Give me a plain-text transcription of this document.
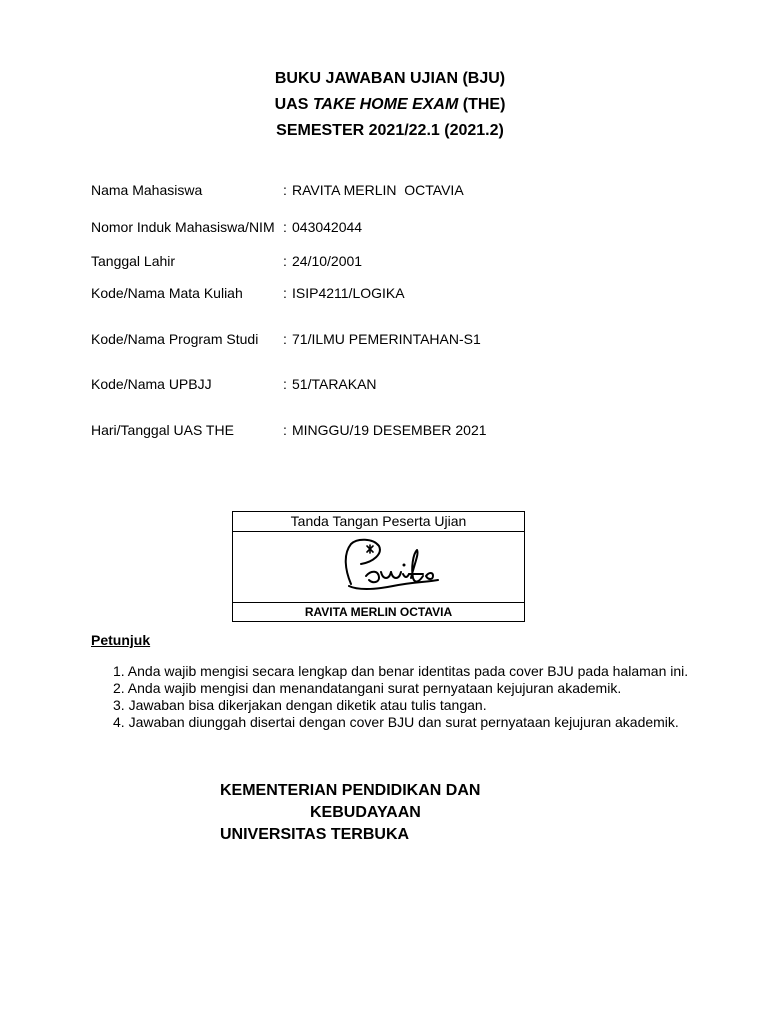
BUKU JAWABAN UJIAN (BJU)
UAS TAKE HOME EXAM (THE)
SEMESTER 2021/22.1 (2021.2)
Nama Mahasiswa	: RAVITA MERLIN  OCTAVIA
Nomor Induk Mahasiswa/NIM : 043042044
Tanggal Lahir	: 24/10/2001
Kode/Nama Mata Kuliah	: ISIP4211/LOGIKA
Kode/Nama Program Studi : 71/ILMU PEMERINTAHAN-S1
Kode/Nama UPBJJ	: 51/TARAKAN
Hari/Tanggal UAS THE	: MINGGU/19 DESEMBER 2021
Tanda Tangan Peserta Ujian
RAVITA MERLIN OCTAVIA
Petunjuk
1. Anda wajib mengisi secara lengkap dan benar identitas pada cover BJU pada halaman ini.
2. Anda wajib mengisi dan menandatangani surat pernyataan kejujuran akademik.
3. Jawaban bisa dikerjakan dengan diketik atau tulis tangan.
4. Jawaban diunggah disertai dengan cover BJU dan surat pernyataan kejujuran akademik.
KEMENTERIAN PENDIDIKAN DAN
KEBUDAYAAN
UNIVERSITAS TERBUKA
